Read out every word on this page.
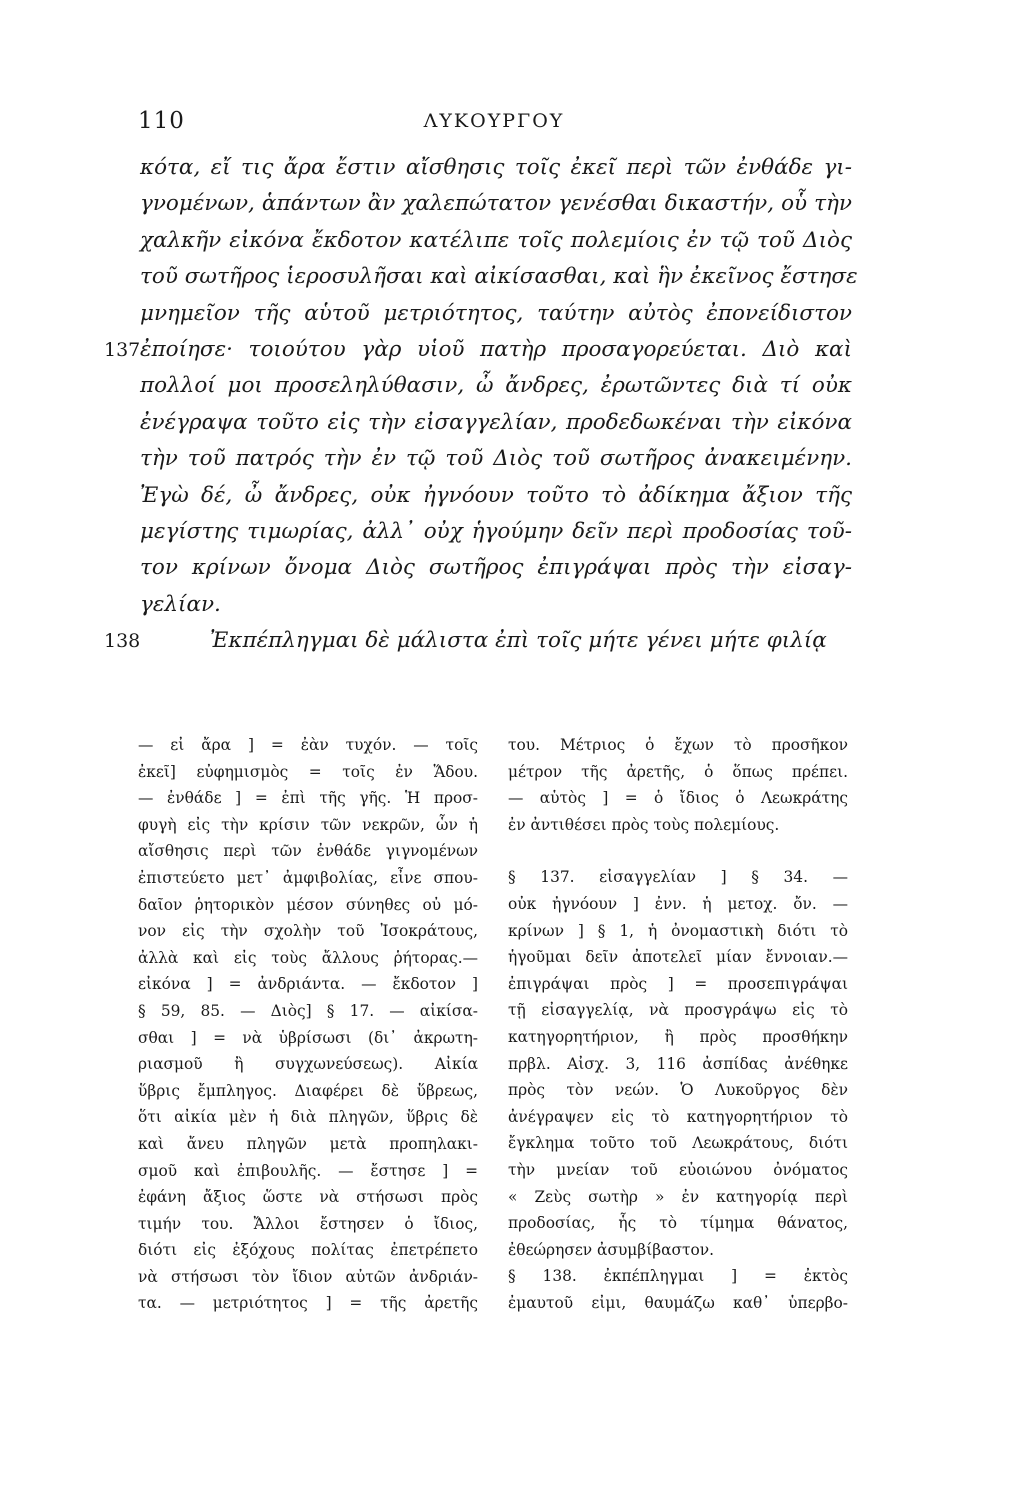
110	ΛΥΚΟΥΡΓΟΥ
κότα, εἴ τις ἄρα ἔστιν αἴσθησις τοῖς ἐκεῖ περὶ τῶν ἐνθάδε γι-
γνομένων, ἁπάντων ἂν χαλεπώτατον γενέσθαι δικαστήν, οὗ τὴν
χαλκῆν εἰκόνα ἔκδοτον κατέλιπε τοῖς πολεμίοις ἐν τῷ τοῦ Διὸς
τοῦ σωτῆρος ἱεροσυλῆσαι καὶ αἰκίσασθαι, καὶ ἣν ἐκεῖνος ἔστησε
μνημεῖον τῆς αὑτοῦ μετριότητος, ταύτην αὐτὸς ἐπονείδιστον
137 ἐποίησε· τοιούτου γὰρ υἱοῦ πατὴρ προσαγορεύεται. Διὸ καὶ
πολλοί μοι προσεληλύθασιν, ὦ ἄνδρες, ἐρωτῶντες διὰ τί οὐκ
ἐνέγραψα τοῦτο εἰς τὴν εἰσαγγελίαν, προδεδωκέναι τὴν εἰκόνα
τὴν τοῦ πατρός τὴν ἐν τῷ τοῦ Διὸς τοῦ σωτῆρος ἀνακειμένην.
Ἐγὼ δέ, ὦ ἄνδρες, οὐκ ἠγνόουν τοῦτο τὸ ἀδίκημα ἄξιον τῆς
μεγίστης τιμωρίας, ἀλλ᾽ οὐχ ἡγούμην δεῖν περὶ προδοσίας τοῦ-
τον κρίνων ὄνομα Διὸς σωτῆρος ἐπιγράψαι πρὸς τὴν εἰσαγ-
γελίαν.
138	Ἐκπέπληγμαι δὲ μάλιστα ἐπὶ τοῖς μήτε γένει μήτε φιλίᾳ
— εἰ ἄρα ] = ἐὰν τυχόν. — τοῖς
ἐκεῖ] εὐφημισμὸς = τοῖς ἐν Ἅδου.
— ἐνθάδε ] = ἐπὶ τῆς γῆς. Ἡ προσ-
φυγὴ εἰς τὴν κρίσιν τῶν νεκρῶν, ὧν ἡ
αἴσθησις περὶ τῶν ἐνθάδε γιγνομένων
ἐπιστεύετο μετ᾽ ἀμφιβολίας, εἶνε σπου-
δαῖον ῥητορικὸν μέσον σύνηθες οὐ μό-
νον εἰς τὴν σχολὴν τοῦ Ἰσοκράτους,
ἀλλὰ καὶ εἰς τοὺς ἄλλους ῥήτορας.—
εἰκόνα ] = ἀνδριάντα. — ἔκδοτον ]
§ 59, 85. — Διὸς] § 17. — αἰκίσα-
σθαι ] = νὰ ὑβρίσωσι (δι᾽ ἀκρωτη-
ριασμοῦ ἢ συγχωνεύσεως). Αἰκία
ὕβρις ἔμπληγος. Διαφέρει δὲ ὕβρεως,
ὅτι αἰκία μὲν ἡ διὰ πληγῶν, ὕβρις δὲ
καὶ ἄνευ πληγῶν μετὰ προπηλακι-
σμοῦ καὶ ἐπιβουλῆς. — ἔστησε ] =
ἐφάνη ἄξιος ὥστε νὰ στήσωσι πρὸς
τιμήν του. Ἄλλοι ἔστησεν ὁ ἴδιος,
διότι εἰς ἐξόχους πολίτας ἐπετρέπετο
νὰ στήσωσι τὸν ἴδιον αὐτῶν ἀνδριάν-
τα. — μετριότητος ] = τῆς ἀρετῆς
του. Μέτριος ὁ ἔχων τὸ προσῆκον
μέτρον τῆς ἀρετῆς, ὁ ὅπως πρέπει.
— αὑτὸς ] = ὁ ἴδιος ὁ Λεωκράτης
ἐν ἀντιθέσει πρὸς τοὺς πολεμίους.
§ 137. εἰσαγγελίαν ] § 34. —
οὐκ ἠγνόουν ] ἐνν. ἡ μετοχ. ὄν. —
κρίνων ] § 1, ἡ ὀνομαστικὴ διότι τὸ
ἡγοῦμαι δεῖν ἀποτελεῖ μίαν ἔννοιαν.—
ἐπιγράψαι πρὸς ] = προσεπιγράψαι
τῇ εἰσαγγελίᾳ, νὰ προσγράψω εἰς τὸ
κατηγορητήριον, ἢ πρὸς προσθήκην
πρβλ. Αἰσχ. 3, 116 ἀσπίδας ἀνέθηκε
πρὸς τὸν νεών. Ὁ Λυκοῦργος δὲν
ἀνέγραψεν εἰς τὸ κατηγορητήριον τὸ
ἔγκλημα τοῦτο τοῦ Λεωκράτους, διότι
τὴν μνείαν τοῦ εὐοιώνου ὀνόματος
« Ζεὺς σωτὴρ » ἐν κατηγορίᾳ περὶ
προδοσίας, ἧς τὸ τίμημα θάνατος,
ἐθεώρησεν ἀσυμβίβαστον.
§ 138. ἐκπέπληγμαι ] = ἐκτὸς
ἐμαυτοῦ εἰμι, θαυμάζω καθ᾽ ὑπερβο-
